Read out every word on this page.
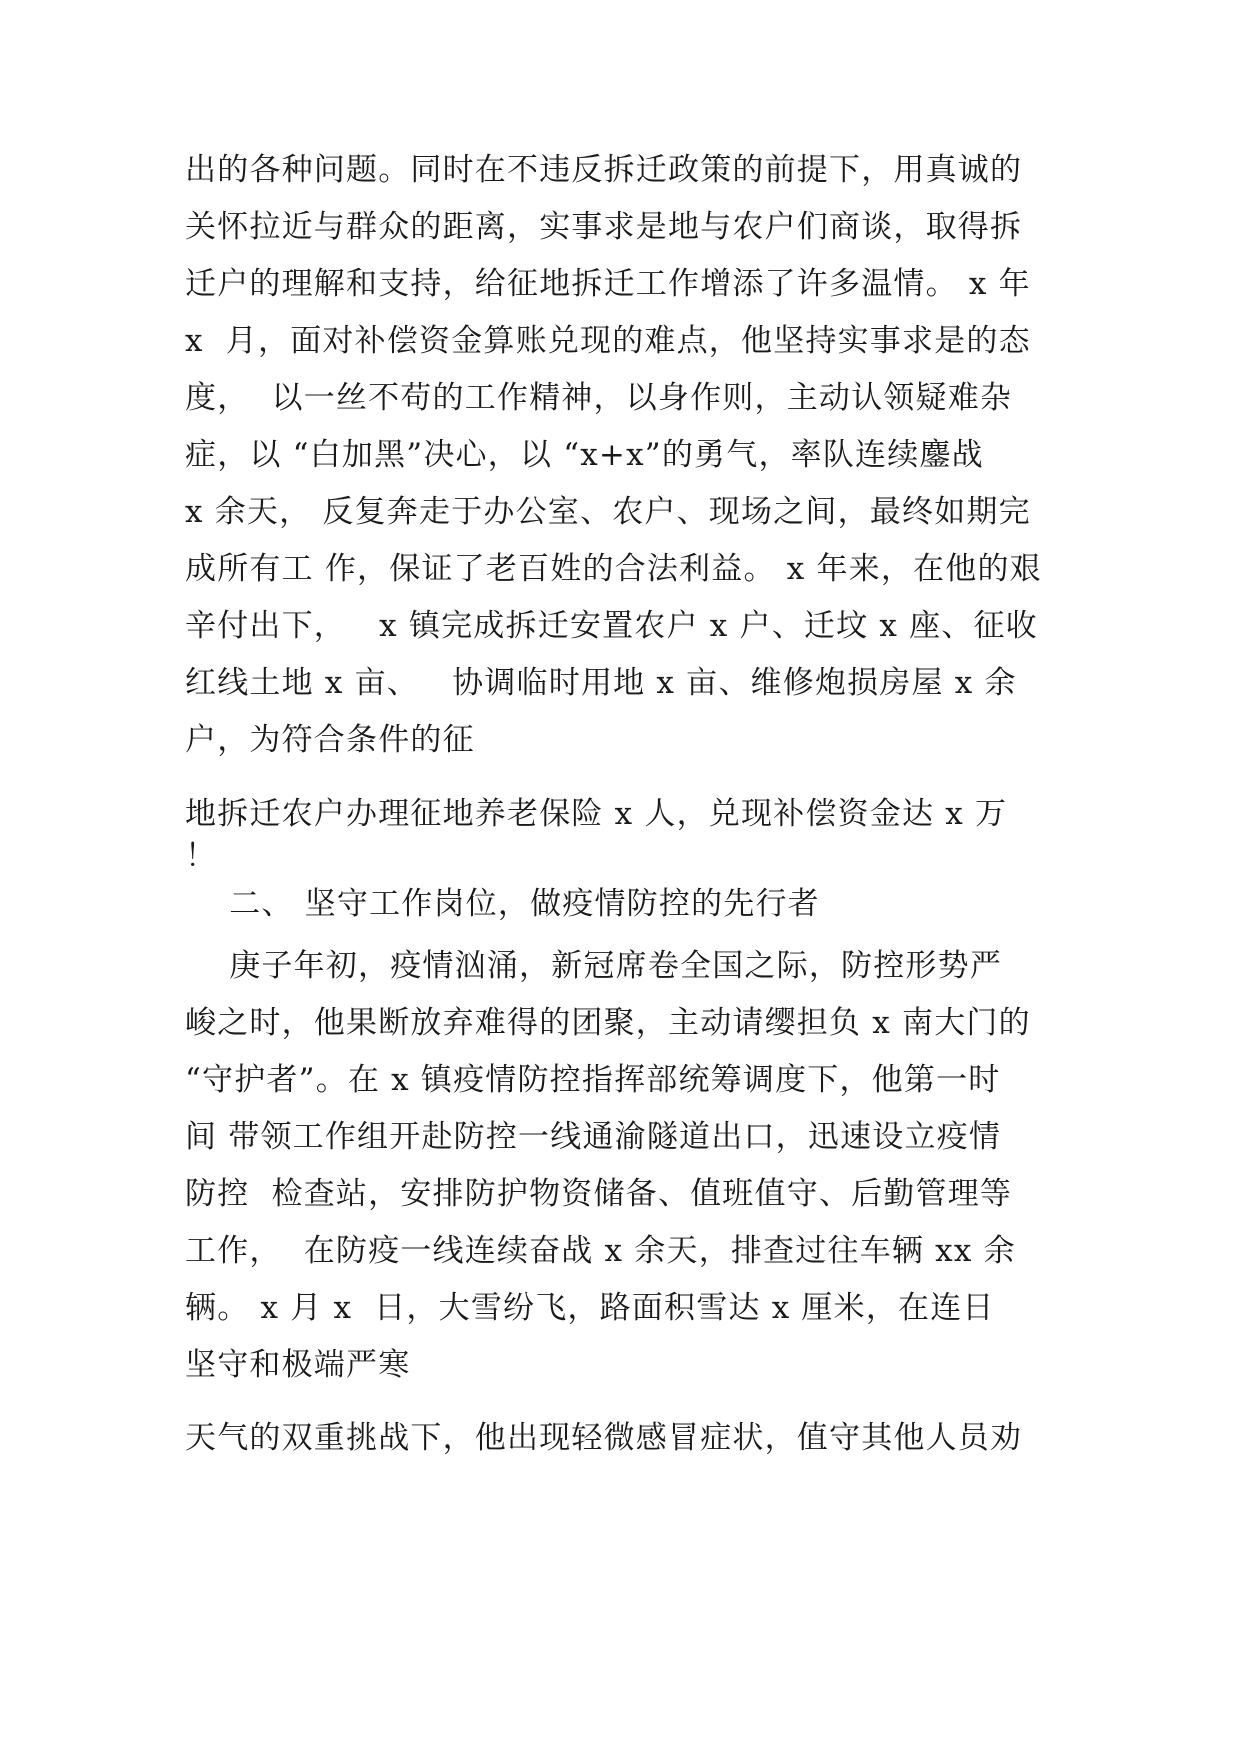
出的各种问题。同时在不违反拆迁政策的前提下，用真诚的
关怀拉近与群众的距离，实事求是地与农户们商谈，取得拆
迁户的理解和支持，给征地拆迁工作增添了许多温情。 x 年
x  月，面对补偿资金算账兑现的难点，他坚持实事求是的态
度，  以一丝不苟的工作精神，以身作则，主动认领疑难杂
症，以 “白加黑”决心，以 “x+x”的勇气，率队连续鏖战
x 余天， 反复奔走于办公室、农户、现场之间，最终如期完
成所有工 作，保证了老百姓的合法利益。 x 年来，在他的艰
辛付出下，   x 镇完成拆迁安置农户 x 户、迁坟 x 座、征收
红线土地 x 亩、   协调临时用地 x 亩、维修炮损房屋 x 余
户，为符合条件的征
地拆迁农户办理征地养老保险 x 人，兑现补偿资金达 x 万
！
二、 坚守工作岗位，做疫情防控的先行者
庚子年初，疫情汹涌，新冠席卷全国之际，防控形势严
峻之时，他果断放弃难得的团聚，主动请缨担负 x 南大门的
“守护者”。在 x 镇疫情防控指挥部统筹调度下，他第一时
间 带领工作组开赴防控一线通渝隧道出口，迅速设立疫情
防控  检查站，安排防护物资储备、值班值守、后勤管理等
工作，  在防疫一线连续奋战 x 余天，排查过往车辆 xx 余
辆。 x 月 x  日，大雪纷飞，路面积雪达 x 厘米，在连日
坚守和极端严寒
天气的双重挑战下，他出现轻微感冒症状，值守其他人员劝
